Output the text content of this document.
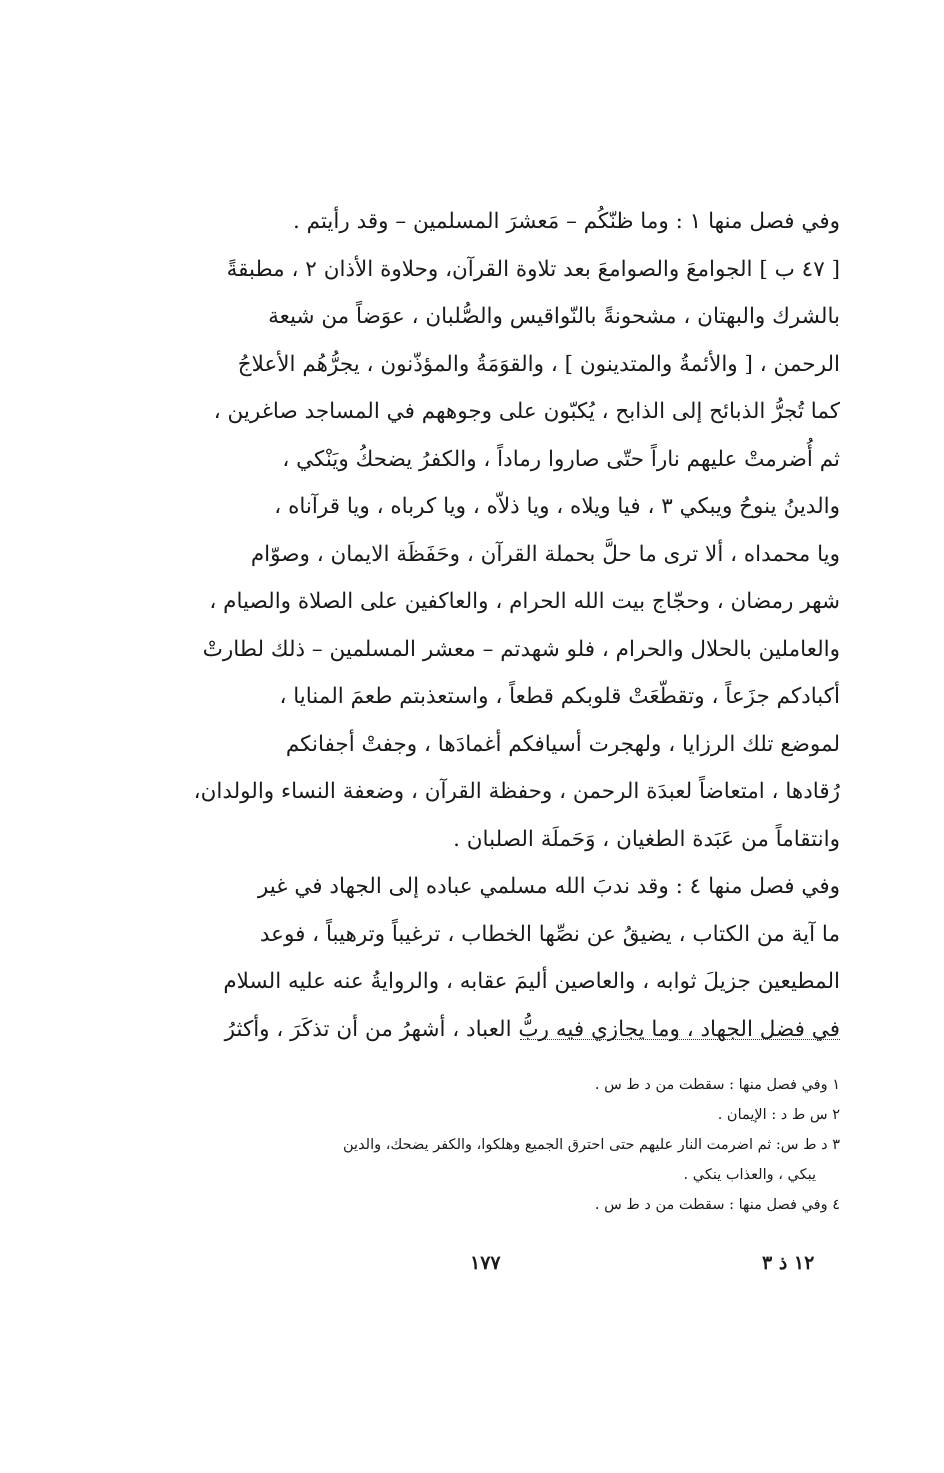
وفي فصل منها ١ : وما ظنّكُم – مَعشرَ المسلمين – وقد رأيتم .
[ ٤٧ ب ] الجوامعَ والصوامعَ بعد تلاوة القرآن، وحلاوة الأذان ٢ ، مطبقةً
بالشرك والبهتان ، مشحونةً بالنّواقيس والصُّلبان ، عوَضاً من شيعة
الرحمن ، [ والأئمةُ والمتدينون ] ، والقوَمَةُ والمؤذّنون ، يجرُّهُم الأعلاجُ
كما تُجرُّ الذبائح إلى الذابح ، يُكبّون على وجوههم في المساجد صاغرين ،
ثم أُضرمتْ عليهم ناراً حتّى صاروا رماداً ، والكفرُ يضحكُ ويَنْكي ،
والدينُ ينوحُ ويبكي ٣ ، فيا ويلاه ، ويا ذلاّه ، ويا كرباه ، ويا قرآناه ،
ويا محمداه ، ألا ترى ما حلَّ بحملة القرآن ، وحَفَظَة الايمان ، وصوّام
شهر رمضان ، وحجّاج بيت الله الحرام ، والعاكفين على الصلاة والصيام ،
والعاملين بالحلال والحرام ، فلو شهدتم – معشر المسلمين – ذلك لطارتْ
أكبادكم جزَعاً ، وتقطّعَتْ قلوبكم قطعاً ، واستعذبتم طعمَ المنايا ،
لموضع تلك الرزايا ، ولهجرت أسيافكم أغمادَها ، وجفتْ أجفانكم
رُقادها ، امتعاضاً لعبدَة الرحمن ، وحفظة القرآن ، وضعفة النساء والولدان،
وانتقاماً من عَبَدة الطغيان ، وَحَملَة الصلبان .
وفي فصل منها ٤ : وقد ندبَ الله مسلمي عباده إلى الجهاد في غير
ما آية من الكتاب ، يضيقُ عن نصِّها الخطاب ، ترغيباً وترهيباً ، فوعد
المطيعين جزيلَ ثوابه ، والعاصين أليمَ عقابه ، والروايةُ عنه عليه السلام
في فضل الجهاد ، وما يجازي فيه ربُّ العباد ، أشهرُ من أن تذكَرَ ، وأكثرُ
١ وفي فصل منها : سقطت من د ط س .
٢ س ط د : الإيمان .
٣ د ط س: ثم اضرمت النار عليهم حتى احترق الجميع وهلكوا، والكفر يضحك، والدين
يبكي ، والعذاب ينكي .
٤ وفي فصل منها : سقطت من د ط س .
١٧٧	١٢ ذ ٣
